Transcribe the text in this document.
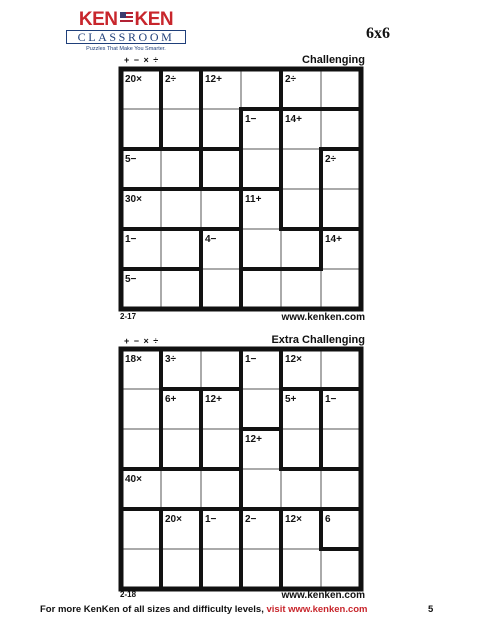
KEN KEN
CLASSROOM
Puzzles That Make You Smarter.
6x6
+ − × ÷	Challenging
20× 2÷	12+	2÷
1−	14+
5−	2÷
30×	11+
1−	4−	14+
5−
2-17	www.kenken.com
+ − × ÷	Extra Challenging
18× 3÷	1−	12×
6+	12+	5+	1−
12+
40×
20× 1−	2−	12× 6
2-18	www.kenken.com
For more KenKen of all sizes and difficulty levels, visit www.kenken.com	5
